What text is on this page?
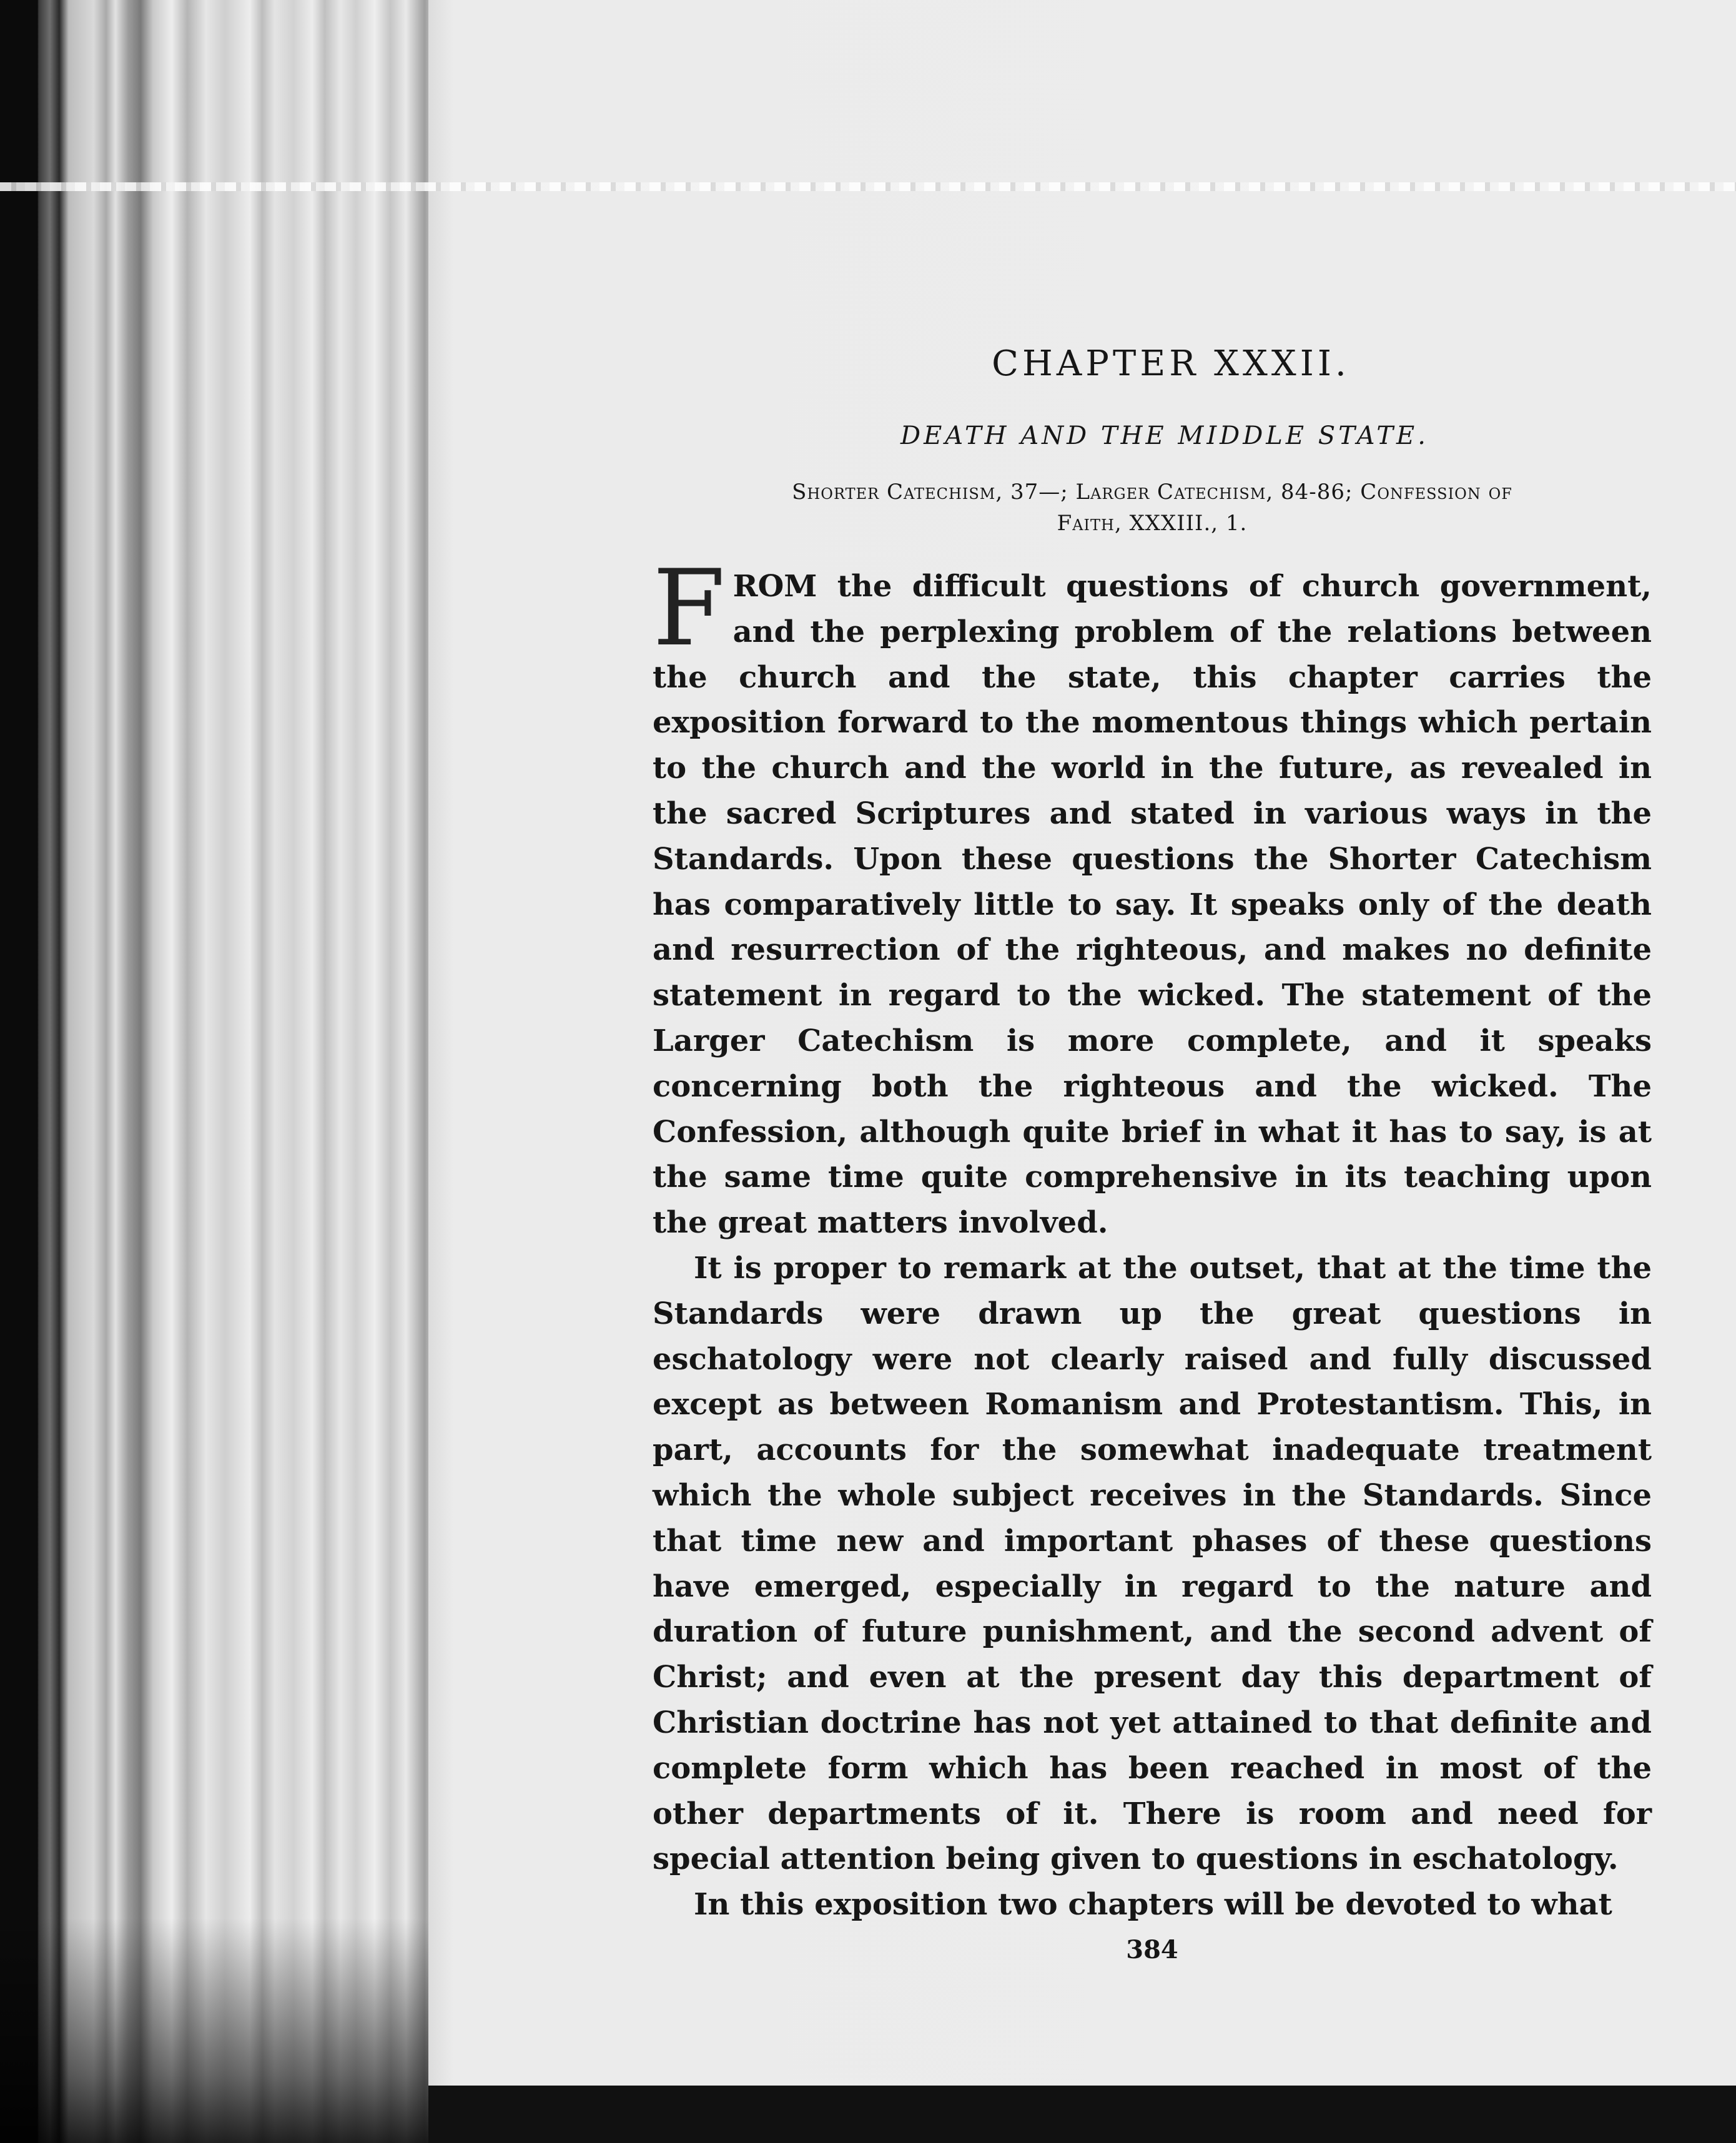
CHAPTER XXXII.
DEATH AND THE MIDDLE STATE.
Shorter Catechism, 37—; Larger Catechism, 84-86; Confession of
Faith, XXXIII., 1.

FROM the difficult questions of church government, and the perplexing problem of the relations between the church and the state, this chapter carries the exposition forward to the momentous things which pertain to the church and the world in the future, as revealed in the sacred Scriptures and stated in various ways in the Standards. Upon these questions the Shorter Catechism has comparatively little to say. It speaks only of the death and resurrection of the righteous, and makes no definite statement in regard to the wicked. The statement of the Larger Catechism is more complete, and it speaks concerning both the righteous and the wicked. The Confession, although quite brief in what it has to say, is at the same time quite comprehensive in its teaching upon the great matters involved.

It is proper to remark at the outset, that at the time the Standards were drawn up the great questions in eschatology were not clearly raised and fully discussed except as between Romanism and Protestantism. This, in part, accounts for the somewhat inadequate treatment which the whole subject receives in the Standards. Since that time new and important phases of these questions have emerged, especially in regard to the nature and duration of future punishment, and the second advent of Christ; and even at the present day this department of Christian doctrine has not yet attained to that definite and complete form which has been reached in most of the other departments of it. There is room and need for special attention being given to questions in eschatology.

In this exposition two chapters will be devoted to what

384
